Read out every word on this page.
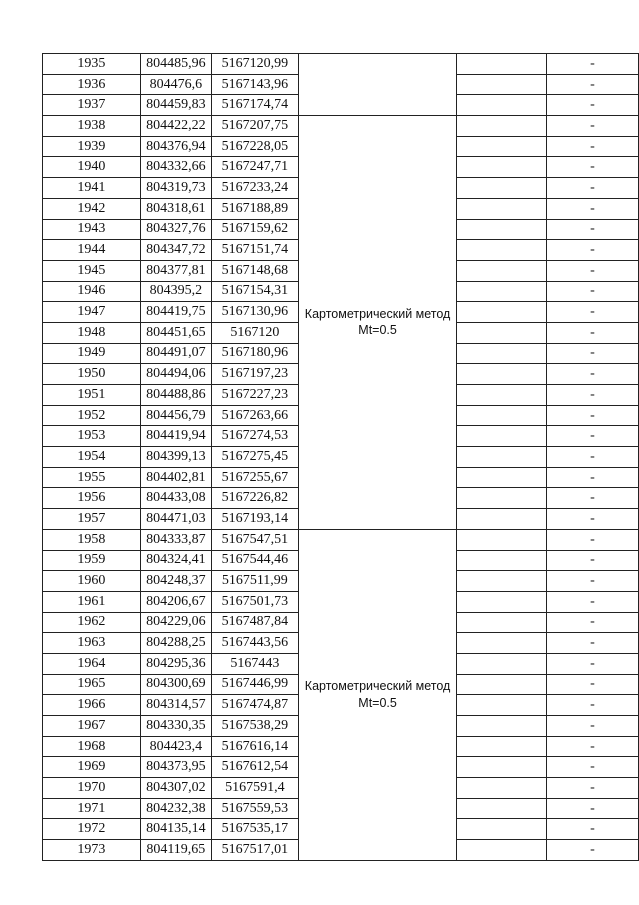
1935	804485,96	5167120,99			-
1936	804476,6	5167143,96			-
1937	804459,83	5167174,74			-
1938	804422,22	5167207,75	Картометрический метод Mt=0.5		-
1939	804376,94	5167228,05			-
1940	804332,66	5167247,71			-
1941	804319,73	5167233,24			-
1942	804318,61	5167188,89			-
1943	804327,76	5167159,62			-
1944	804347,72	5167151,74			-
1945	804377,81	5167148,68			-
1946	804395,2	5167154,31			-
1947	804419,75	5167130,96			-
1948	804451,65	5167120			-
1949	804491,07	5167180,96			-
1950	804494,06	5167197,23			-
1951	804488,86	5167227,23			-
1952	804456,79	5167263,66			-
1953	804419,94	5167274,53			-
1954	804399,13	5167275,45			-
1955	804402,81	5167255,67			-
1956	804433,08	5167226,82			-
1957	804471,03	5167193,14			-
1958	804333,87	5167547,51	Картометрический метод Mt=0.5		-
1959	804324,41	5167544,46			-
1960	804248,37	5167511,99			-
1961	804206,67	5167501,73			-
1962	804229,06	5167487,84			-
1963	804288,25	5167443,56			-
1964	804295,36	5167443			-
1965	804300,69	5167446,99			-
1966	804314,57	5167474,87			-
1967	804330,35	5167538,29			-
1968	804423,4	5167616,14			-
1969	804373,95	5167612,54			-
1970	804307,02	5167591,4			-
1971	804232,38	5167559,53			-
1972	804135,14	5167535,17			-
1973	804119,65	5167517,01			-
